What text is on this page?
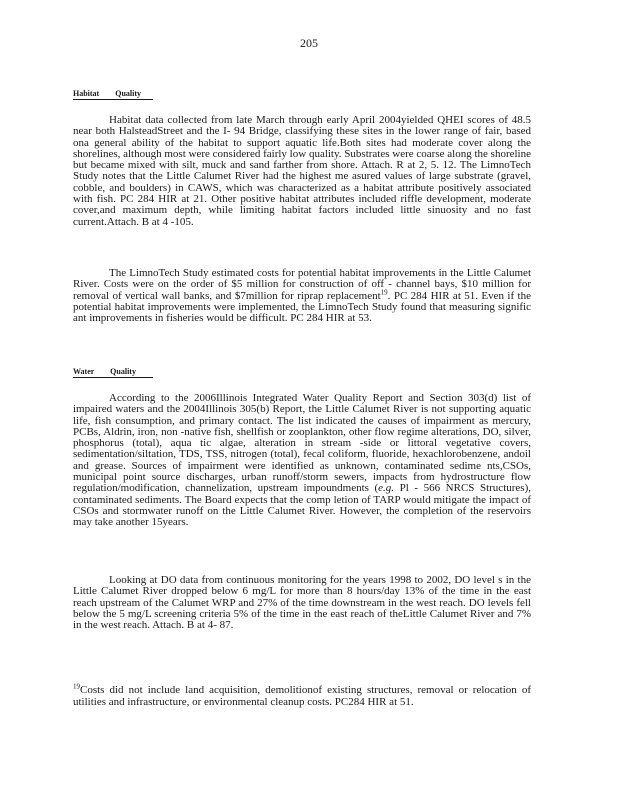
205
Habitat Quality

Habitat data collected from late March through early April 2004yielded QHEI scores of 48.5 near both HalsteadStreet and the I- 94 Bridge, classifying these sites in the lower range of fair, based ona general ability of the habitat to support aquatic life.Both sites had moderate cover along the shorelines, although most were considered fairly low quality. Substrates were coarse along the shoreline but became mixed with silt, muck and sand farther from shore. Attach. R at 2, 5. 12. The LimnoTech Study notes that the Little Calumet River had the highest me asured values of large substrate (gravel, cobble, and boulders) in CAWS, which was characterized as a habitat attribute positively associated with fish. PC 284 HIR at 21. Other positive habitat attributes included riffle development, moderate cover,and maximum depth, while limiting habitat factors included little sinuosity and no fast current.Attach. B at 4 -105.

The LimnoTech Study estimated costs for potential habitat improvements in the Little Calumet River. Costs were on the order of $5 million for construction of off - channel bays, $10 million for removal of vertical wall banks, and $7million for riprap replacement$^{19}$. PC 284 HIR at 51. Even if the potential habitat improvements were implemented, the LimnoTech Study found that measuring signific ant improvements in fisheries would be difficult. PC 284 HIR at 53.

Water Quality

According to the 2006Illinois Integrated Water Quality Report and Section 303(d) list of impaired waters and the 2004Illinois 305(b) Report, the Little Calumet River is not supporting aquatic life, fish consumption, and primary contact. The list indicated the causes of impairment as mercury, PCBs, Aldrin, iron, non -native fish, shellfish or zooplankton, other flow regime alterations, DO, silver, phosphorus (total), aqua tic algae, alteration in stream -side or littoral vegetative covers, sedimentation/siltation, TDS, TSS, nitrogen (total), fecal coliform, fluoride, hexachlorobenzene, andoil and grease. Sources of impairment were identified as unknown, contaminated sedime nts,CSOs, municipal point source discharges, urban runoff/storm sewers, impacts from hydrostructure flow regulation/modification, channelization, upstream impoundments (e.g. Pl - 566 NRCS Structures), contaminated sediments. The Board expects that the comp letion of TARP would mitigate the impact of CSOs and stormwater runoff on the Little Calumet River. However, the completion of the reservoirs may take another 15years.

Looking at DO data from continuous monitoring for the years 1998 to 2002, DO level s in the Little Calumet River dropped below 6 mg/L for more than 8 hours/day 13% of the time in the east reach upstream of the Calumet WRP and 27% of the time downstream in the west reach. DO levels fell below the 5 mg/L screening criteria 5% of the time in the east reach of theLittle Calumet River and 7% in the west reach. Attach. B at 4- 87.

$^{19}$Costs did not include land acquisition, demolitionof existing structures, removal or relocation of utilities and infrastructure, or environmental cleanup costs. PC284 HIR at 51.
